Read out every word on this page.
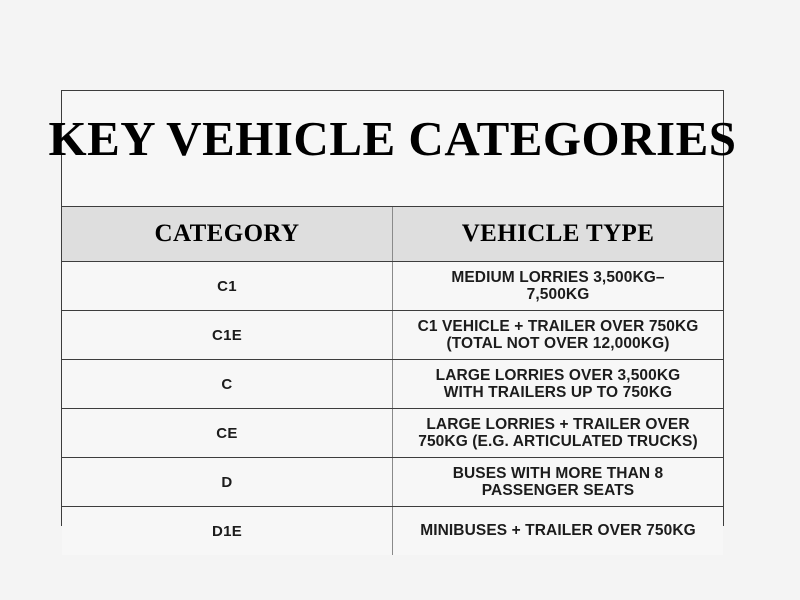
KEY VEHICLE CATEGORIES
CATEGORY	VEHICLE TYPE
C1	MEDIUM LORRIES 3,500KG–
7,500KG

C1E	C1 VEHICLE + TRAILER OVER 750KG
(TOTAL NOT OVER 12,000KG)

C	LARGE LORRIES OVER 3,500KG
WITH TRAILERS UP TO 750KG

CE	LARGE LORRIES + TRAILER OVER
750KG (E.G. ARTICULATED TRUCKS)

D	BUSES WITH MORE THAN 8
PASSENGER SEATS

D1E	MINIBUSES + TRAILER OVER 750KG
